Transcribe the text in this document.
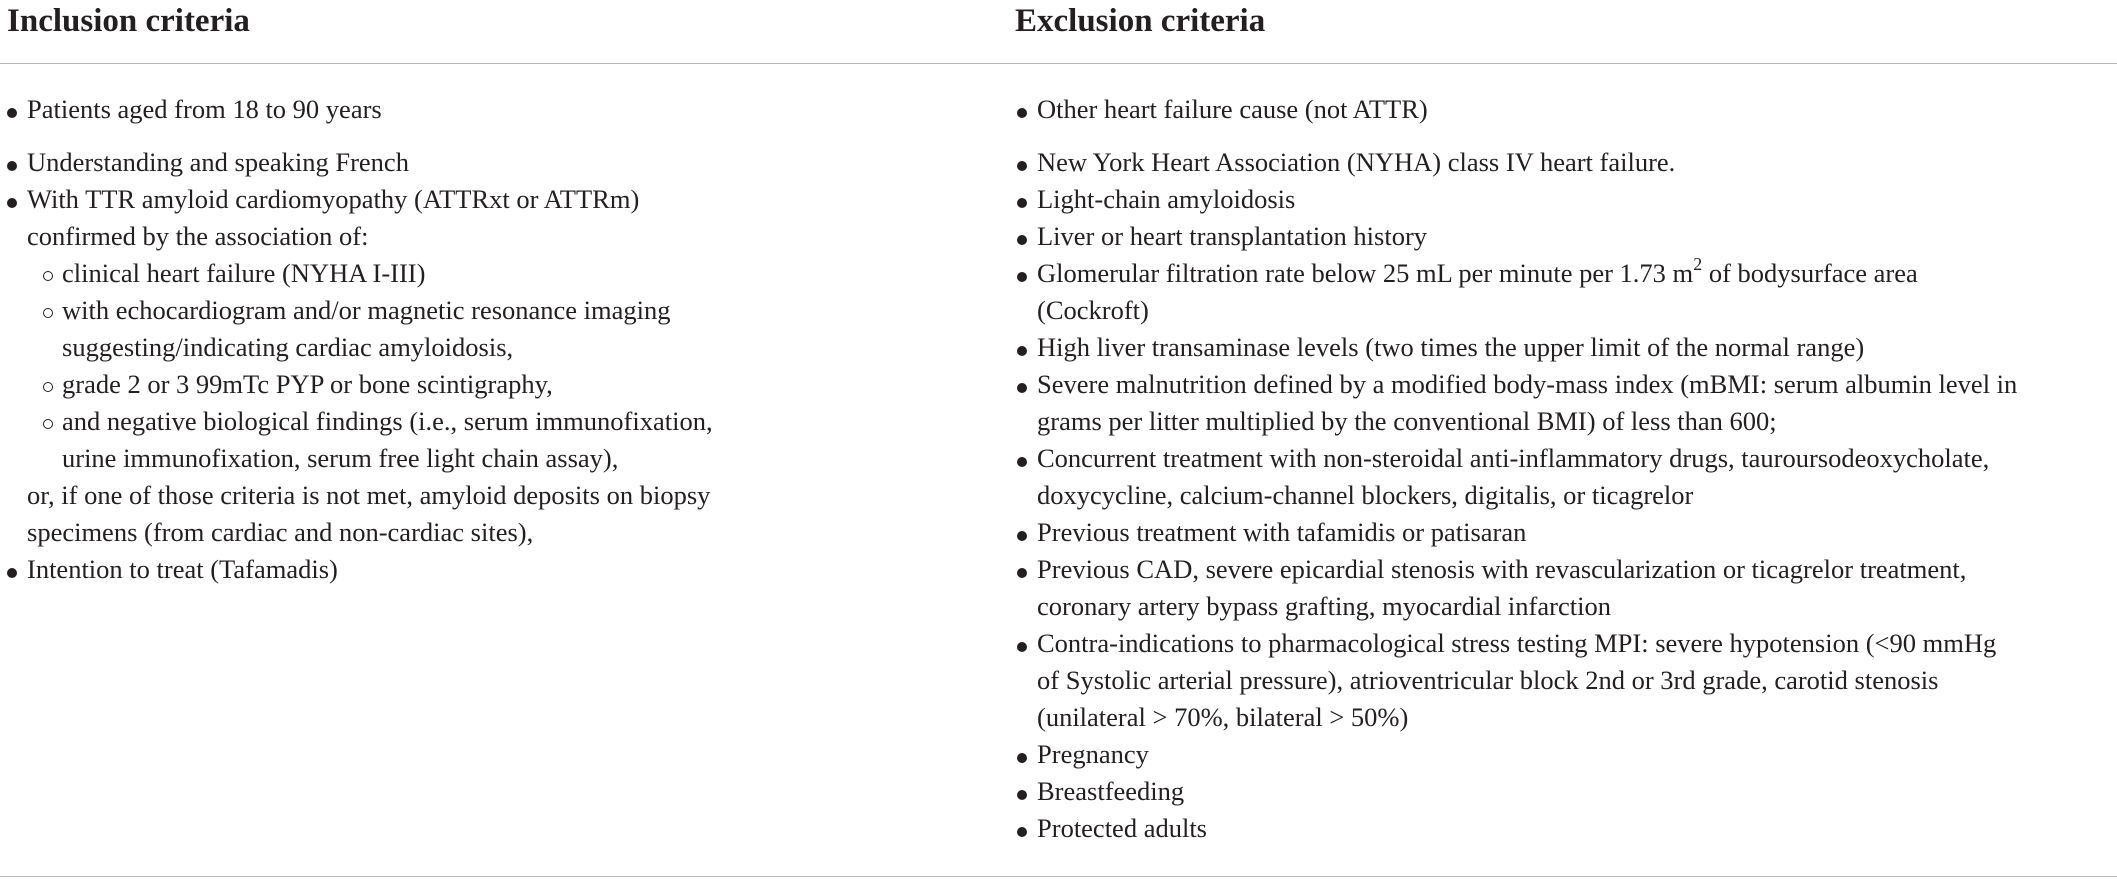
Inclusion criteria	Exclusion criteria
Patients aged from 18 to 90 years
Understanding and speaking French
With TTR amyloid cardiomyopathy (ATTRxt or ATTRm)
confirmed by the association of:
clinical heart failure (NYHA I-III)
with echocardiogram and/or magnetic resonance imaging
suggesting/indicating cardiac amyloidosis,
grade 2 or 3 99mTc PYP or bone scintigraphy,
and negative biological findings (i.e., serum immunofixation,
urine immunofixation, serum free light chain assay),
or, if one of those criteria is not met, amyloid deposits on biopsy
specimens (from cardiac and non-cardiac sites),
Intention to treat (Tafamadis)
Other heart failure cause (not ATTR)
New York Heart Association (NYHA) class IV heart failure.
Light-chain amyloidosis
Liver or heart transplantation history
Glomerular filtration rate below 25 mL per minute per 1.73 $m^2$ of bodysurface area
(Cockroft)
High liver transaminase levels (two times the upper limit of the normal range)
Severe malnutrition defined by a modified body-mass index (mBMI: serum albumin level in
grams per litter multiplied by the conventional BMI) of less than 600;
Concurrent treatment with non-steroidal anti-inflammatory drugs, tauroursodeoxycholate,
doxycycline, calcium-channel blockers, digitalis, or ticagrelor
Previous treatment with tafamidis or patisaran
Previous CAD, severe epicardial stenosis with revascularization or ticagrelor treatment,
coronary artery bypass grafting, myocardial infarction
Contra-indications to pharmacological stress testing MPI: severe hypotension (<90 mmHg
of Systolic arterial pressure), atrioventricular block 2nd or 3rd grade, carotid stenosis
(unilateral > 70%, bilateral > 50%)
Pregnancy
Breastfeeding
Protected adults
